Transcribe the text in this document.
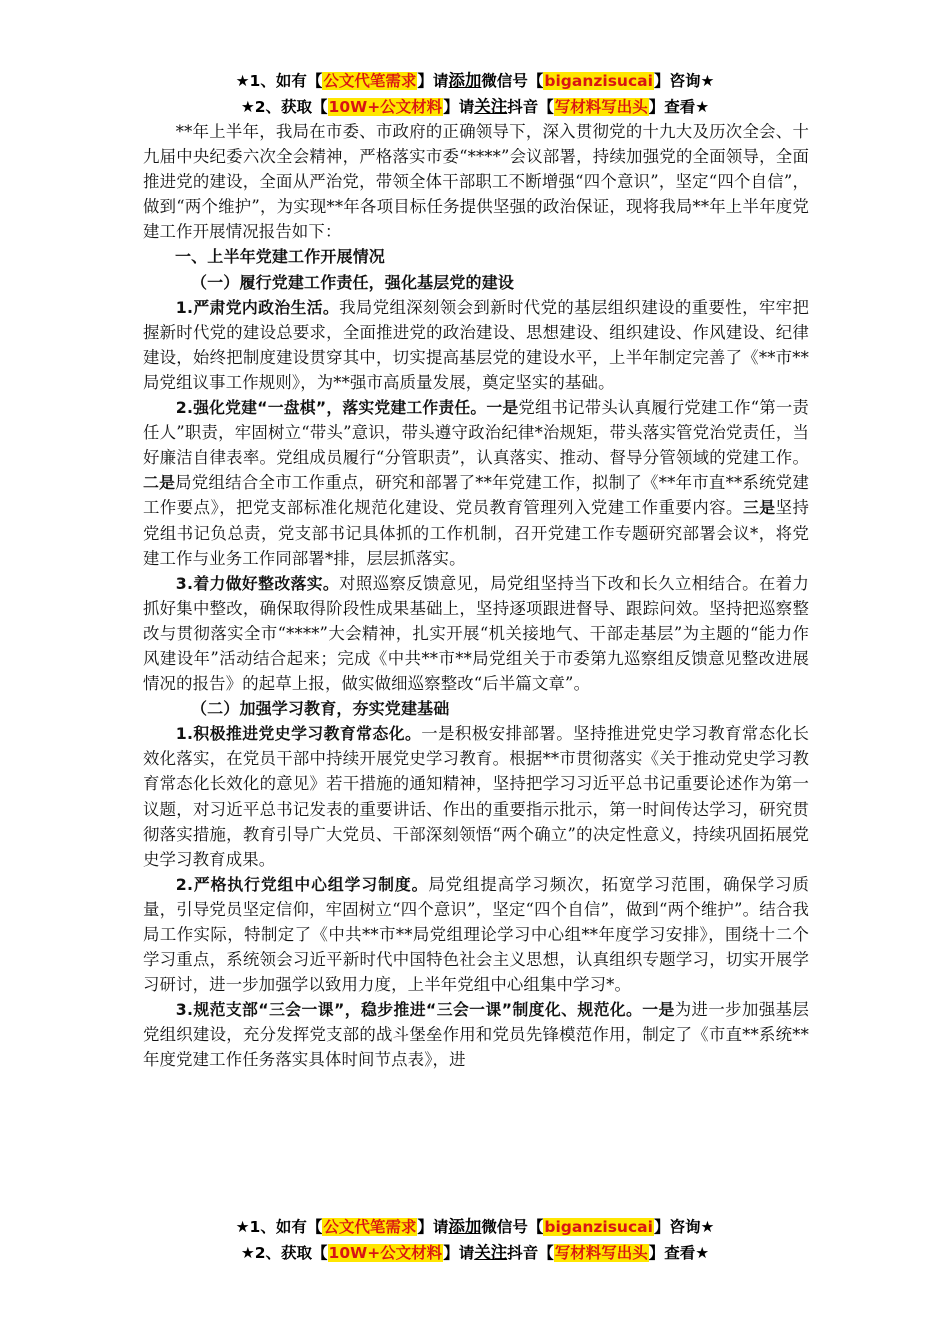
★1、如有【公文代笔需求】请添加微信号【biganzisucai】咨询★
★2、获取【10W+公文材料】请关注抖音【写材料写出头】查看★

**年上半年，我局在市委、市政府的正确领导下，深入贯彻党的十九大及历次全会、十九届中央纪委六次全会精神，严格落实市委“****”会议部署，持续加强党的全面领导，全面推进党的建设，全面从严治党，带领全体干部职工不断增强“四个意识”，坚定“四个自信”，做到“两个维护”，为实现**年各项目标任务提供坚强的政治保证，现将我局**年上半年度党建工作开展情况报告如下：

一、上半年党建工作开展情况
（一）履行党建工作责任，强化基层党的建设

1.严肃党内政治生活。我局党组深刻领会到新时代党的基层组织建设的重要性，牢牢把握新时代党的建设总要求，全面推进党的政治建设、思想建设、组织建设、作风建设、纪律建设，始终把制度建设贯穿其中，切实提高基层党的建设水平，上半年制定完善了《**市**局党组议事工作规则》，为**强市高质量发展，奠定坚实的基础。

2.强化党建“一盘棋”，落实党建工作责任。一是党组书记带头认真履行党建工作“第一责任人”职责，牢固树立“带头”意识，带头遵守政治纪律*治规矩，带头落实管党治党责任，当好廉洁自律表率。党组成员履行“分管职责”，认真落实、推动、督导分管领域的党建工作。二是局党组结合全市工作重点，研究和部署了**年党建工作，拟制了《**年市直**系统党建工作要点》，把党支部标准化规范化建设、党员教育管理列入党建工作重要内容。三是坚持党组书记负总责，党支部书记具体抓的工作机制，召开党建工作专题研究部署会议*，将党建工作与业务工作同部署*排，层层抓落实。

3.着力做好整改落实。对照巡察反馈意见，局党组坚持当下改和长久立相结合。在着力抓好集中整改，确保取得阶段性成果基础上，坚持逐项跟进督导、跟踪问效。坚持把巡察整改与贯彻落实全市“****”大会精神，扎实开展“机关接地气、干部走基层”为主题的“能力作风建设年”活动结合起来；完成《中共**市**局党组关于市委第九巡察组反馈意见整改进展情况的报告》的起草上报，做实做细巡察整改“后半篇文章”。

（二）加强学习教育，夯实党建基础

1.积极推进党史学习教育常态化。一是积极安排部署。坚持推进党史学习教育常态化长效化落实，在党员干部中持续开展党史学习教育。根据**市贯彻落实《关于推动党史学习教育常态化长效化的意见》若干措施的通知精神，坚持把学习习近平总书记重要论述作为第一议题，对习近平总书记发表的重要讲话、作出的重要指示批示，第一时间传达学习，研究贯彻落实措施，教育引导广大党员、干部深刻领悟“两个确立”的决定性意义，持续巩固拓展党史学习教育成果。

2.严格执行党组中心组学习制度。局党组提高学习频次，拓宽学习范围，确保学习质量，引导党员坚定信仰，牢固树立“四个意识”，坚定“四个自信”，做到“两个维护”。结合我局工作实际，特制定了《中共**市**局党组理论学习中心组**年度学习安排》，围绕十二个学习重点，系统领会习近平新时代中国特色社会主义思想，认真组织专题学习，切实开展学习研讨，进一步加强学以致用力度，上半年党组中心组集中学习*。

3.规范支部“三会一课”，稳步推进“三会一课”制度化、规范化。一是为进一步加强基层党组织建设，充分发挥党支部的战斗堡垒作用和党员先锋模范作用，制定了《市直**系统**年度党建工作任务落实具体时间节点表》，进

★1、如有【公文代笔需求】请添加微信号【biganzisucai】咨询★
★2、获取【10W+公文材料】请关注抖音【写材料写出头】查看★
